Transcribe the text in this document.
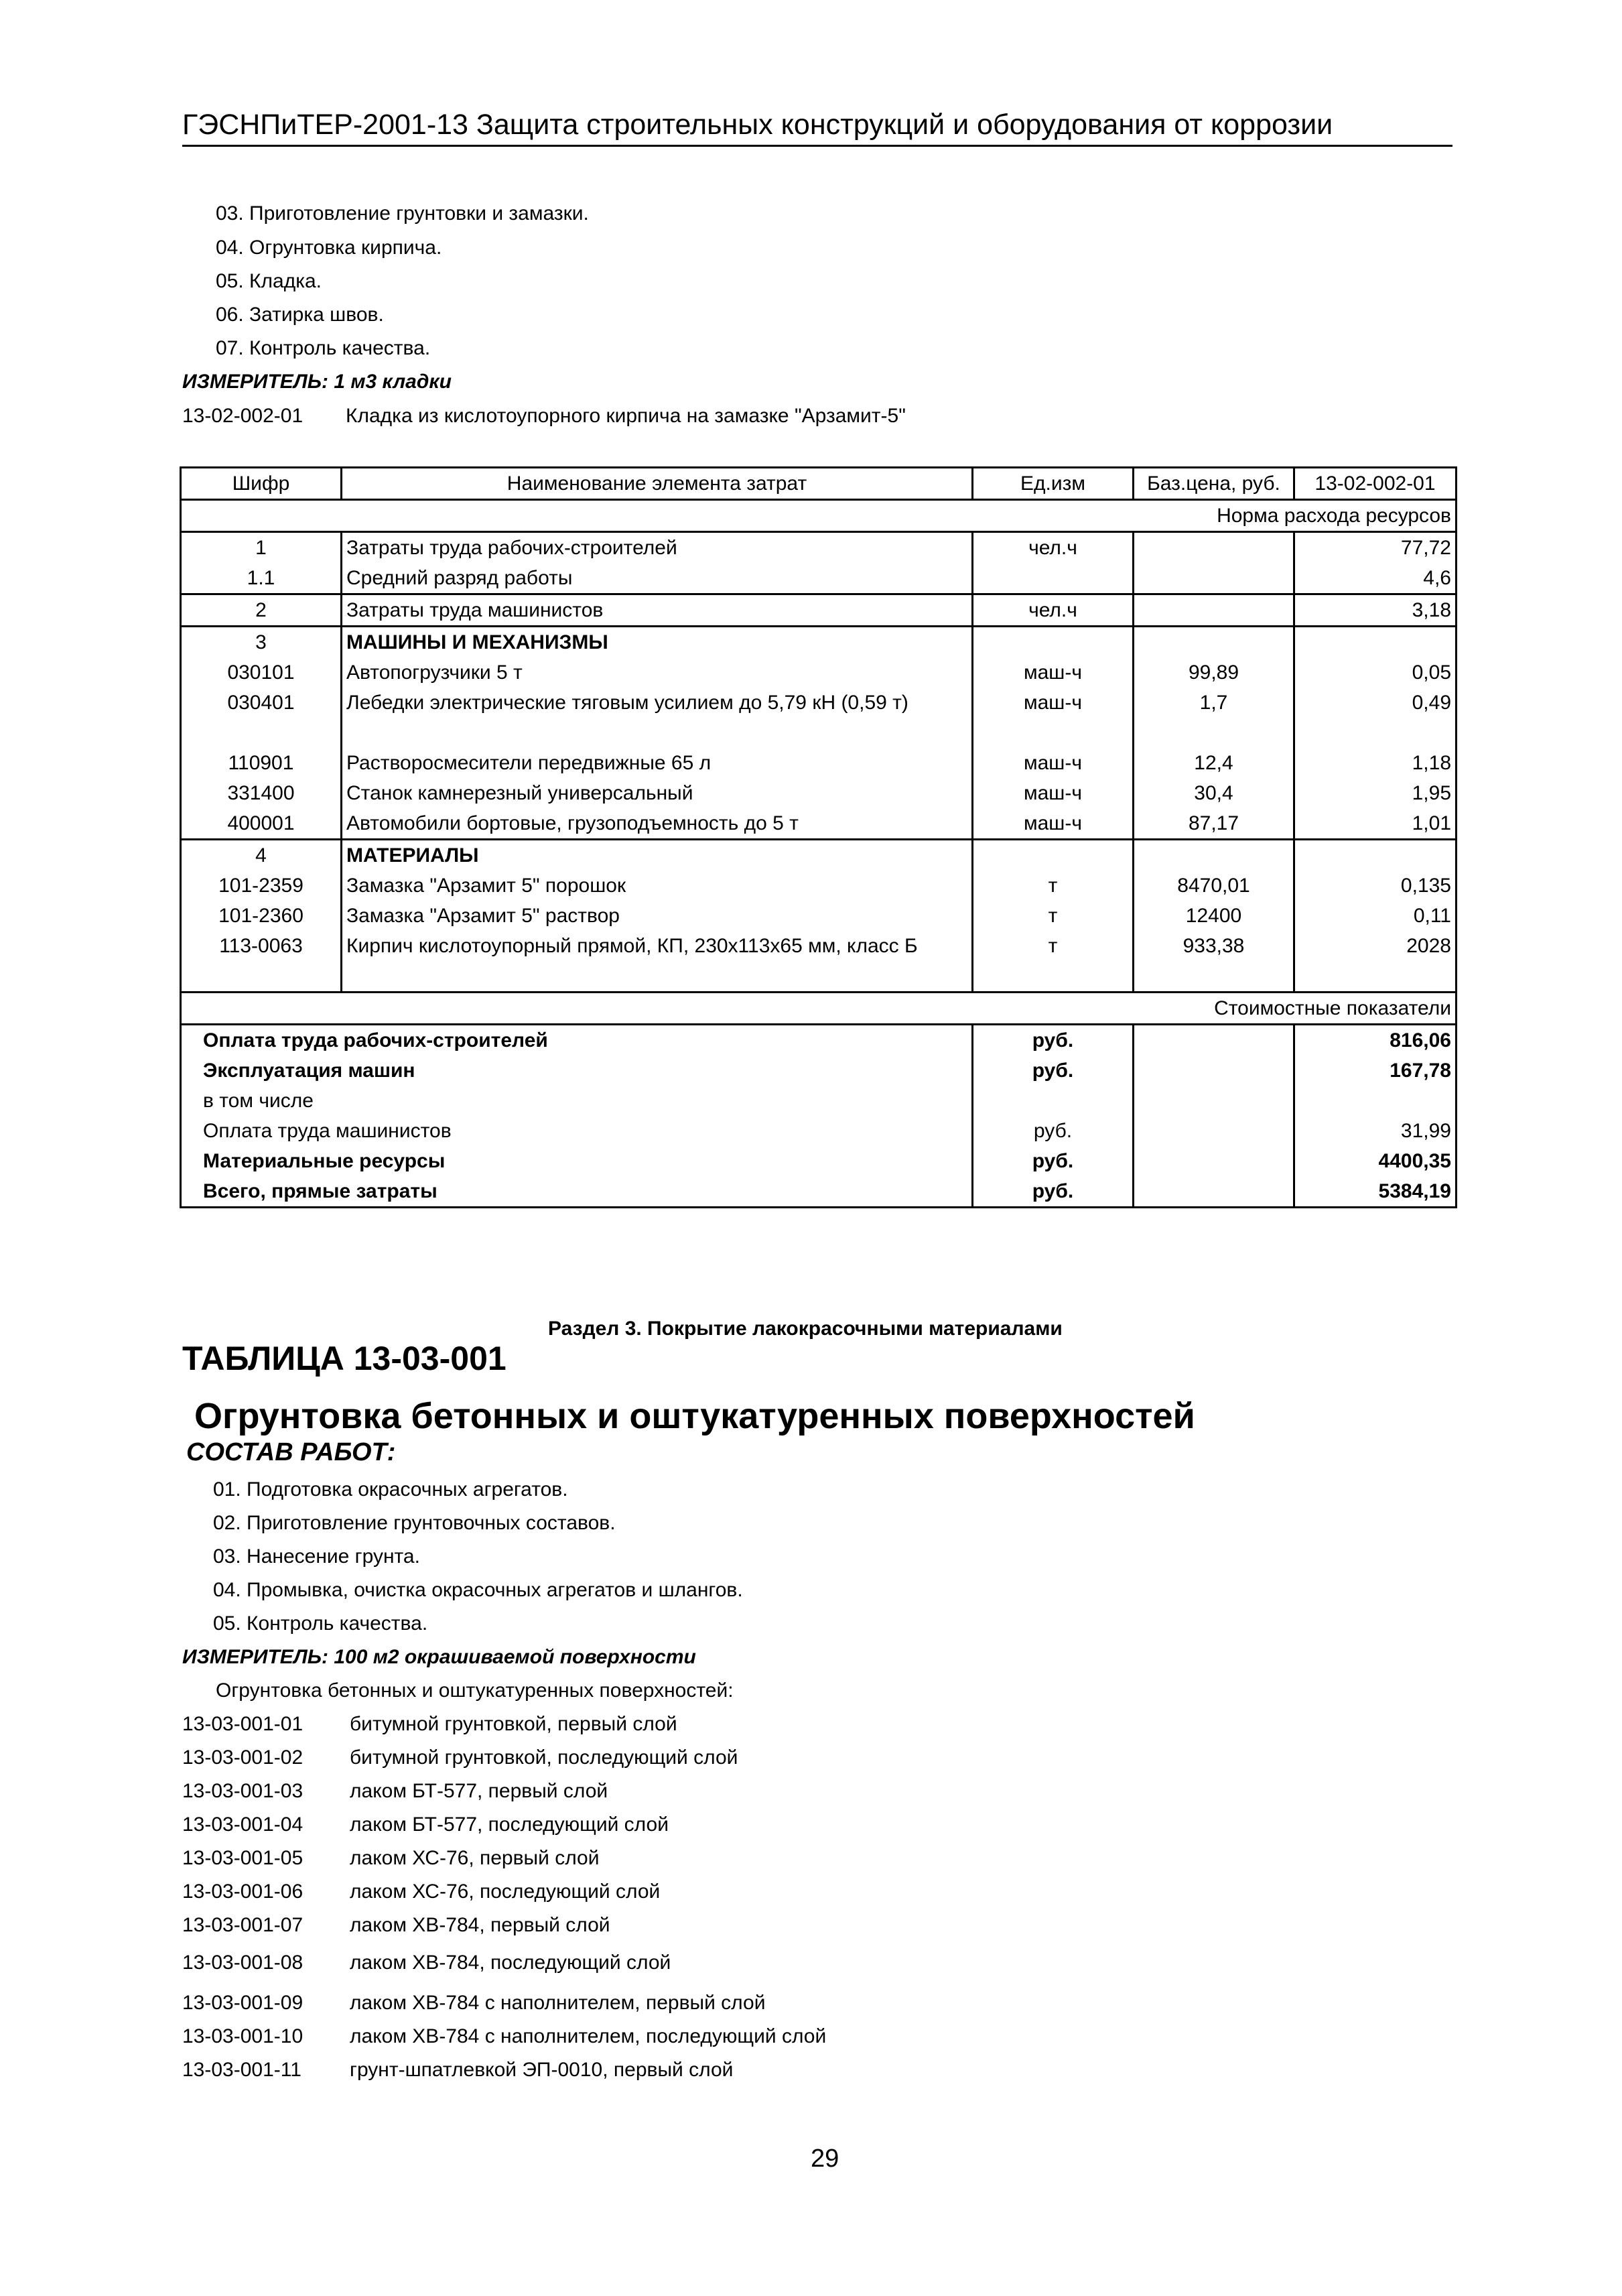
ГЭСНПиТЕР-2001-13 Защита строительных конструкций и оборудования от коррозии
03. Приготовление грунтовки и замазки.
04. Огрунтовка кирпича.
05. Кладка.
06. Затирка швов.
07. Контроль качества.
ИЗМЕРИТЕЛЬ: 1 м3 кладки
13-02-002-01 Кладка из кислотоупорного кирпича на замазке "Арзамит-5"
Шифр	Наименование элемента затрат	Ед.изм	Баз.цена, руб.	13-02-002-01
Норма расхода ресурсов				
1	Затраты труда рабочих-строителей	чел.ч		77,72
1.1	Средний разряд работы			4,6
2	Затраты труда машинистов	чел.ч		3,18
3	МАШИНЫ И МЕХАНИЗМЫ			
030101	Автопогрузчики 5 т	маш-ч	99,89	0,05
030401	Лебедки электрические тяговым усилием до 5,79 кН (0,59 т)	маш-ч	1,7	0,49

110901	Растворосмесители передвижные 65 л	маш-ч	12,4	1,18
331400	Станок камнерезный универсальный	маш-ч	30,4	1,95
400001	Автомобили бортовые, грузоподъемность до 5 т	маш-ч	87,17	1,01
4	МАТЕРИАЛЫ			
101-2359	Замазка "Арзамит 5" порошок	т	8470,01	0,135
101-2360	Замазка "Арзамит 5" раствор	т	12400	0,11
113-0063	Кирпич кислотоупорный прямой, КП, 230x113x65 мм, класс Б	т	933,38	2028

Стоимостные показатели				
Оплата труда рабочих-строителей		руб.		816,06
Эксплуатация машин		руб.		167,78
в том числе				
Оплата труда машинистов		руб.		31,99
Материальные ресурсы		руб.		4400,35
Всего, прямые затраты		руб.		5384,19
Раздел 3. Покрытие лакокрасочными материалами
ТАБЛИЦА 13-03-001
Огрунтовка бетонных и оштукатуренных поверхностей
СОСТАВ РАБОТ:
01. Подготовка окрасочных агрегатов.
02. Приготовление грунтовочных составов.
03. Нанесение грунта.
04. Промывка, очистка окрасочных агрегатов и шлангов.
05. Контроль качества.
ИЗМЕРИТЕЛЬ: 100 м2 окрашиваемой поверхности
Огрунтовка бетонных и оштукатуренных поверхностей:
13-03-001-01 битумной грунтовкой, первый слой
13-03-001-02 битумной грунтовкой, последующий слой
13-03-001-03 лаком БТ-577, первый слой
13-03-001-04 лаком БТ-577, последующий слой
13-03-001-05 лаком ХС-76, первый слой
13-03-001-06 лаком ХС-76, последующий слой
13-03-001-07 лаком ХВ-784, первый слой
13-03-001-08 лаком ХВ-784, последующий слой
13-03-001-09 лаком ХВ-784 с наполнителем, первый слой
13-03-001-10 лаком ХВ-784 с наполнителем, последующий слой
13-03-001-11 грунт-шпатлевкой ЭП-0010, первый слой
29
